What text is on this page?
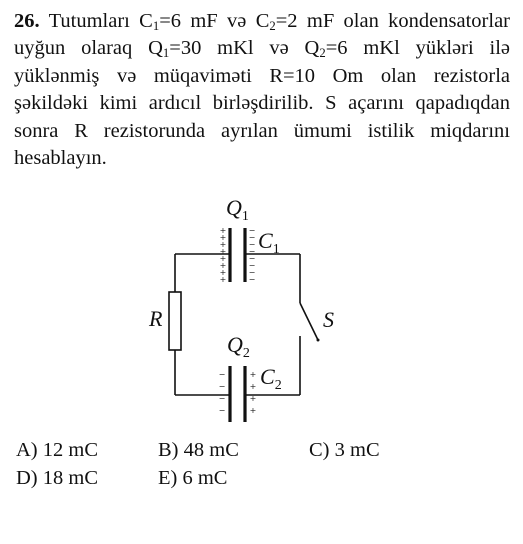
26. Tutumları $C_1=6$ mF və $C_2=2$ mF olan kondensatorlar uyğun olaraq $Q_1=30$ mKl və $Q_2=6$ mKl yükləri ilə yüklənmiş və müqaviməti R=10 Om olan rezistorla şəkildəki kimi ardıcıl birləşdirilib. S açarını qapadıqdan sonra R rezistorunda ayrılan ümumi istilik miqdarını hesablayın.
+
+
+
+
+
+
+
+
−
−
−
−
−
−
−
−
−
−
−
−
+
+
+
+
$Q_1$
$C_1$
$Q_2$
$C_2$
R	S
A) 12 mC	B) 48 mC	C) 3 mC
D) 18 mC	E) 6 mC
